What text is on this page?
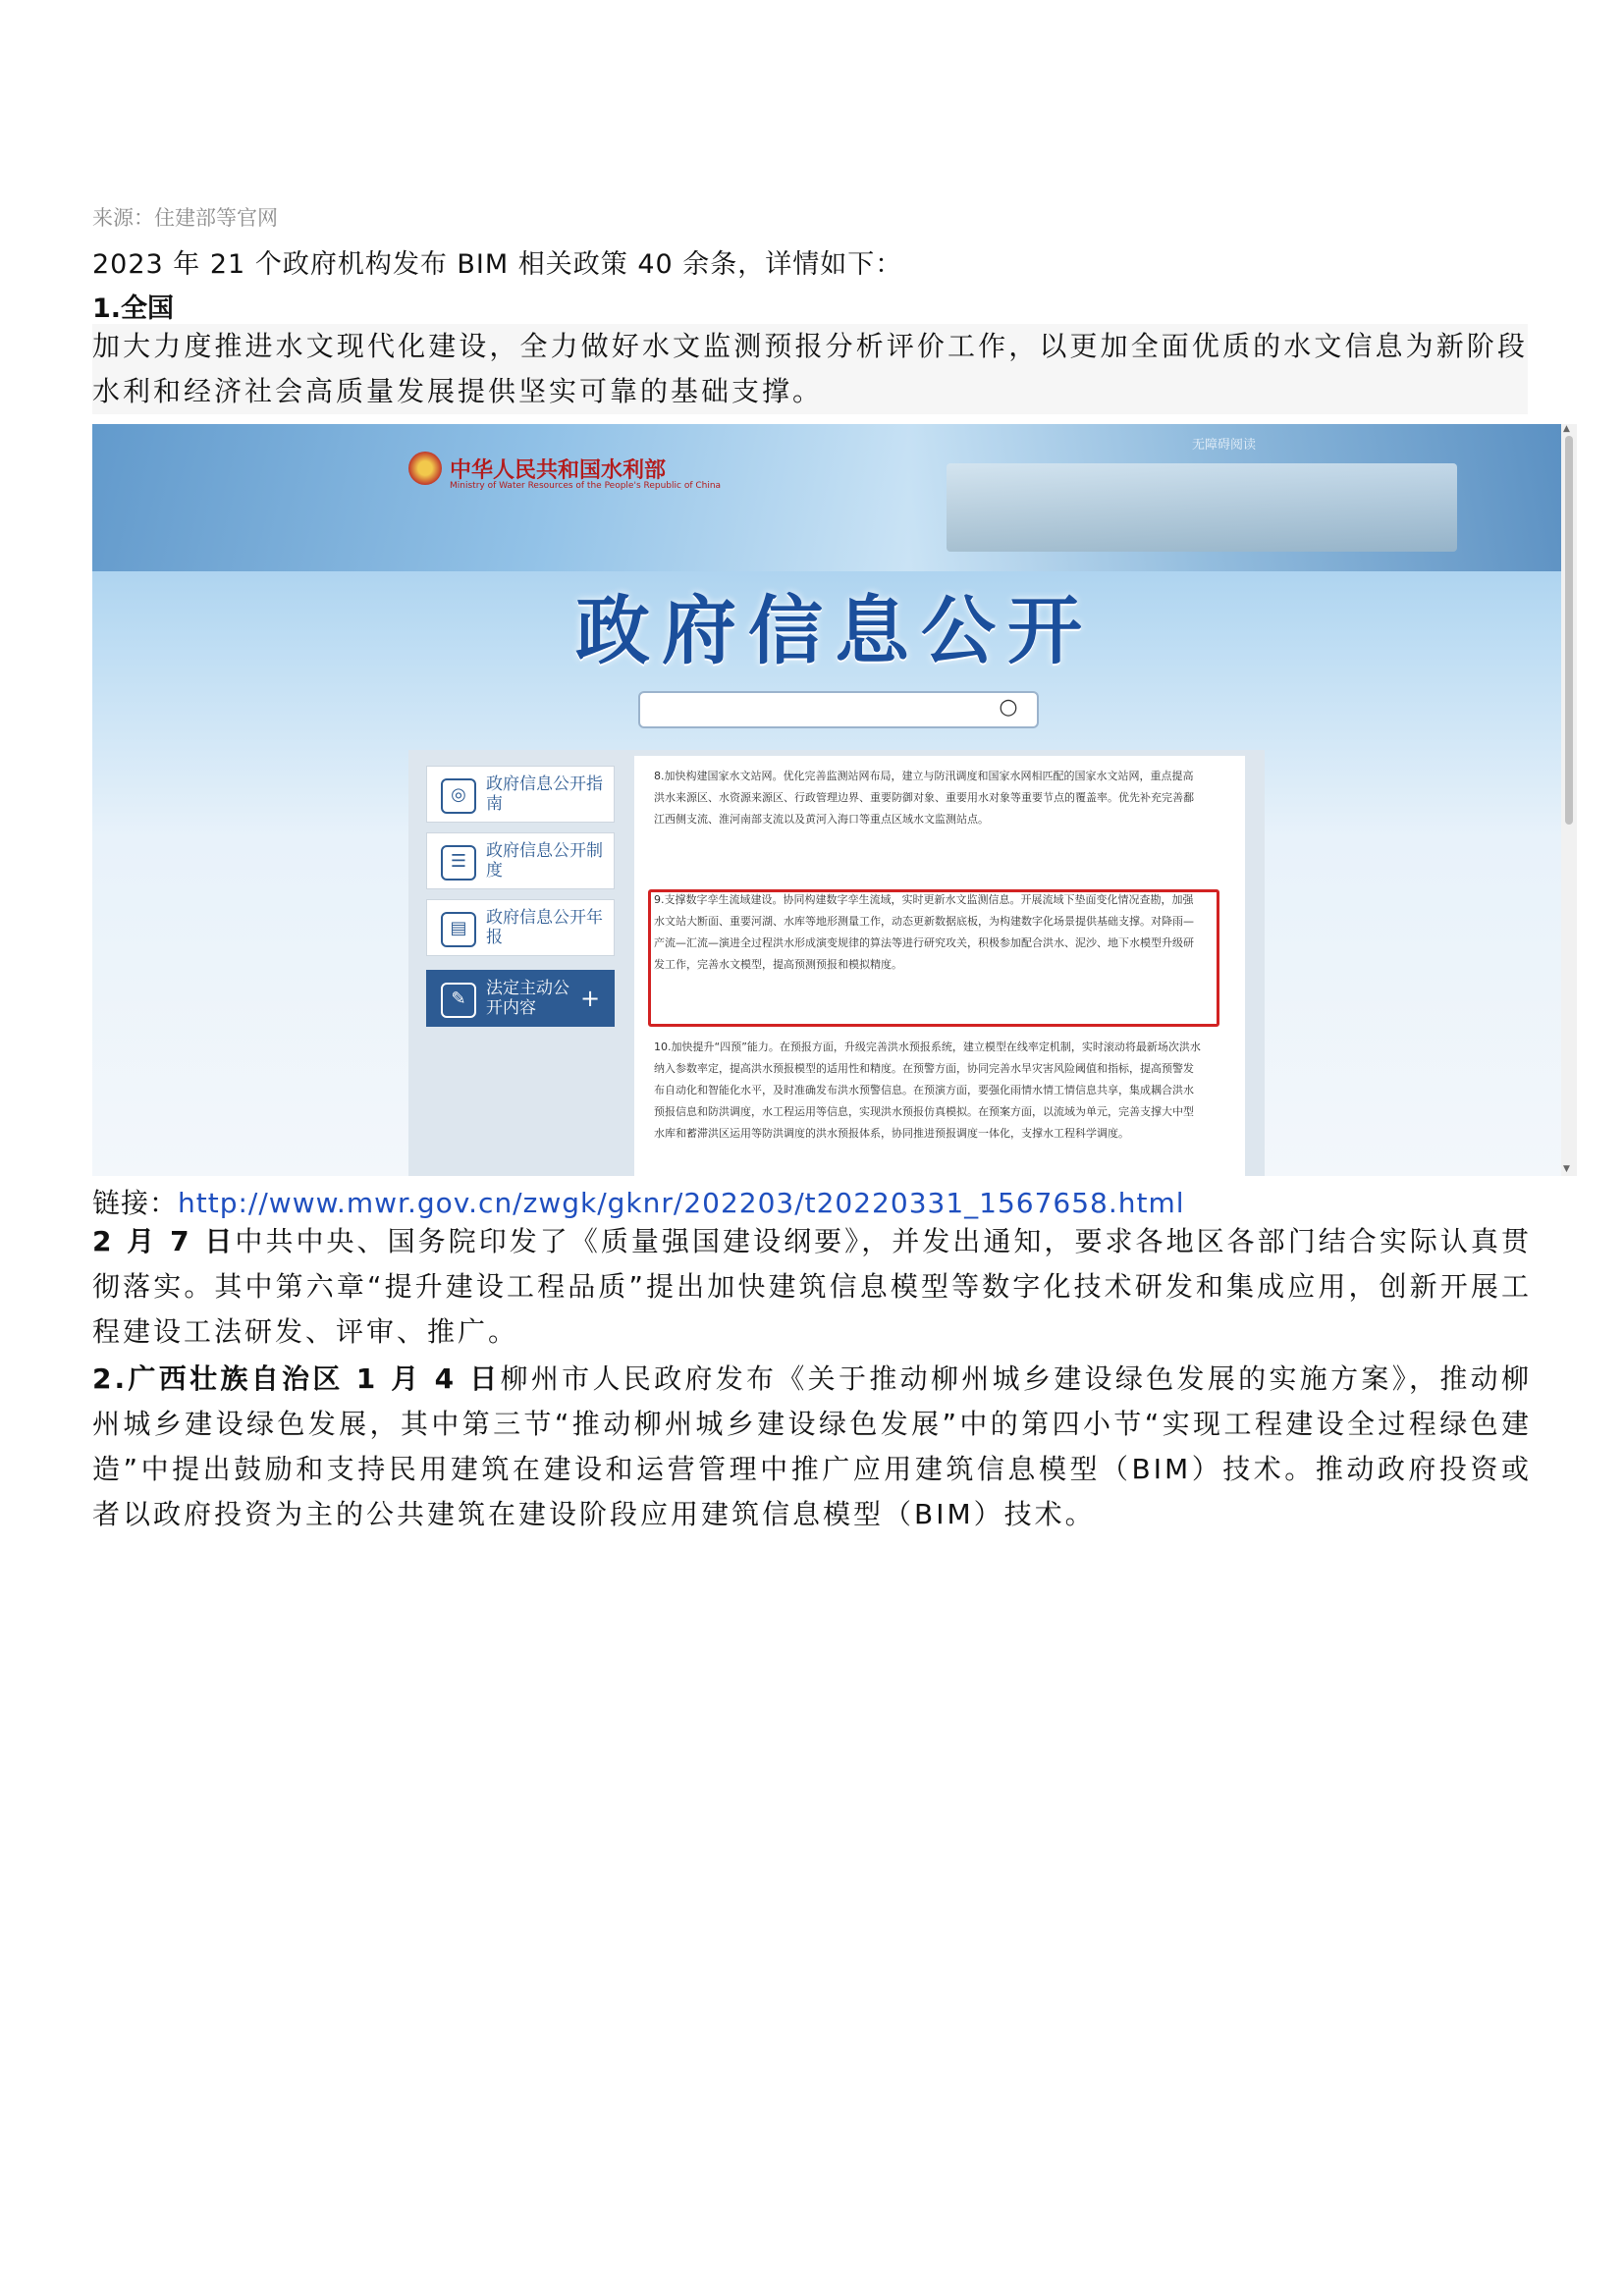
来源：住建部等官网
2023 年 21 个政府机构发布 BIM 相关政策 40 余条，详情如下：
1.全国
加大力度推进水文现代化建设，全力做好水文监测预报分析评价工作，以更加全面优质的水文信息为新阶段水利和经济社会高质量发展提供坚实可靠的基础支撑。
无障碍阅读
中华人民共和国水利部
Ministry of Water Resources of the People's Republic of China
政府信息公开
○
◎	政府信息公开指南
☰	政府信息公开制度
▤	政府信息公开年报
✎	法定主动公开内容	+
8.加快构建国家水文站网。优化完善监测站网布局，建立与防汛调度和国家水网相匹配的国家水文站网，重点提高洪水来源区、水资源来源区、行政管理边界、重要防御对象、重要用水对象等重要节点的覆盖率。优先补充完善鄱江西侧支流、淮河南部支流以及黄河入海口等重点区域水文监测站点。
9.支撑数字孪生流域建设。协同构建数字孪生流域，实时更新水文监测信息。开展流域下垫面变化情况查勘，加强水文站大断面、重要河湖、水库等地形测量工作，动态更新数据底板，为构建数字化场景提供基础支撑。对降雨—产流—汇流—演进全过程洪水形成演变规律的算法等进行研究攻关，积极参加配合洪水、泥沙、地下水模型升级研发工作，完善水文模型，提高预测预报和模拟精度。
10.加快提升“四预”能力。在预报方面，升级完善洪水预报系统，建立模型在线率定机制，实时滚动将最新场次洪水纳入参数率定，提高洪水预报模型的适用性和精度。在预警方面，协同完善水旱灾害风险阈值和指标，提高预警发布自动化和智能化水平，及时准确发布洪水预警信息。在预演方面，要强化雨情水情工情信息共享，集成耦合洪水预报信息和防洪调度，水工程运用等信息，实现洪水预报仿真模拟。在预案方面，以流域为单元，完善支撑大中型水库和蓄滞洪区运用等防洪调度的洪水预报体系，协同推进预报调度一体化，支撑水工程科学调度。
▲
▼
链接：http://www.mwr.gov.cn/zwgk/gknr/202203/t20220331_1567658.html
2 月 7 日中共中央、国务院印发了《质量强国建设纲要》，并发出通知，要求各地区各部门结合实际认真贯彻落实。其中第六章“提升建设工程品质”提出加快建筑信息模型等数字化技术研发和集成应用，创新开展工程建设工法研发、评审、推广。
2.广西壮族自治区 1 月 4 日柳州市人民政府发布《关于推动柳州城乡建设绿色发展的实施方案》，推动柳州城乡建设绿色发展，其中第三节“推动柳州城乡建设绿色发展”中的第四小节“实现工程建设全过程绿色建造”中提出鼓励和支持民用建筑在建设和运营管理中推广应用建筑信息模型（BIM）技术。推动政府投资或者以政府投资为主的公共建筑在建设阶段应用建筑信息模型（BIM）技术。
